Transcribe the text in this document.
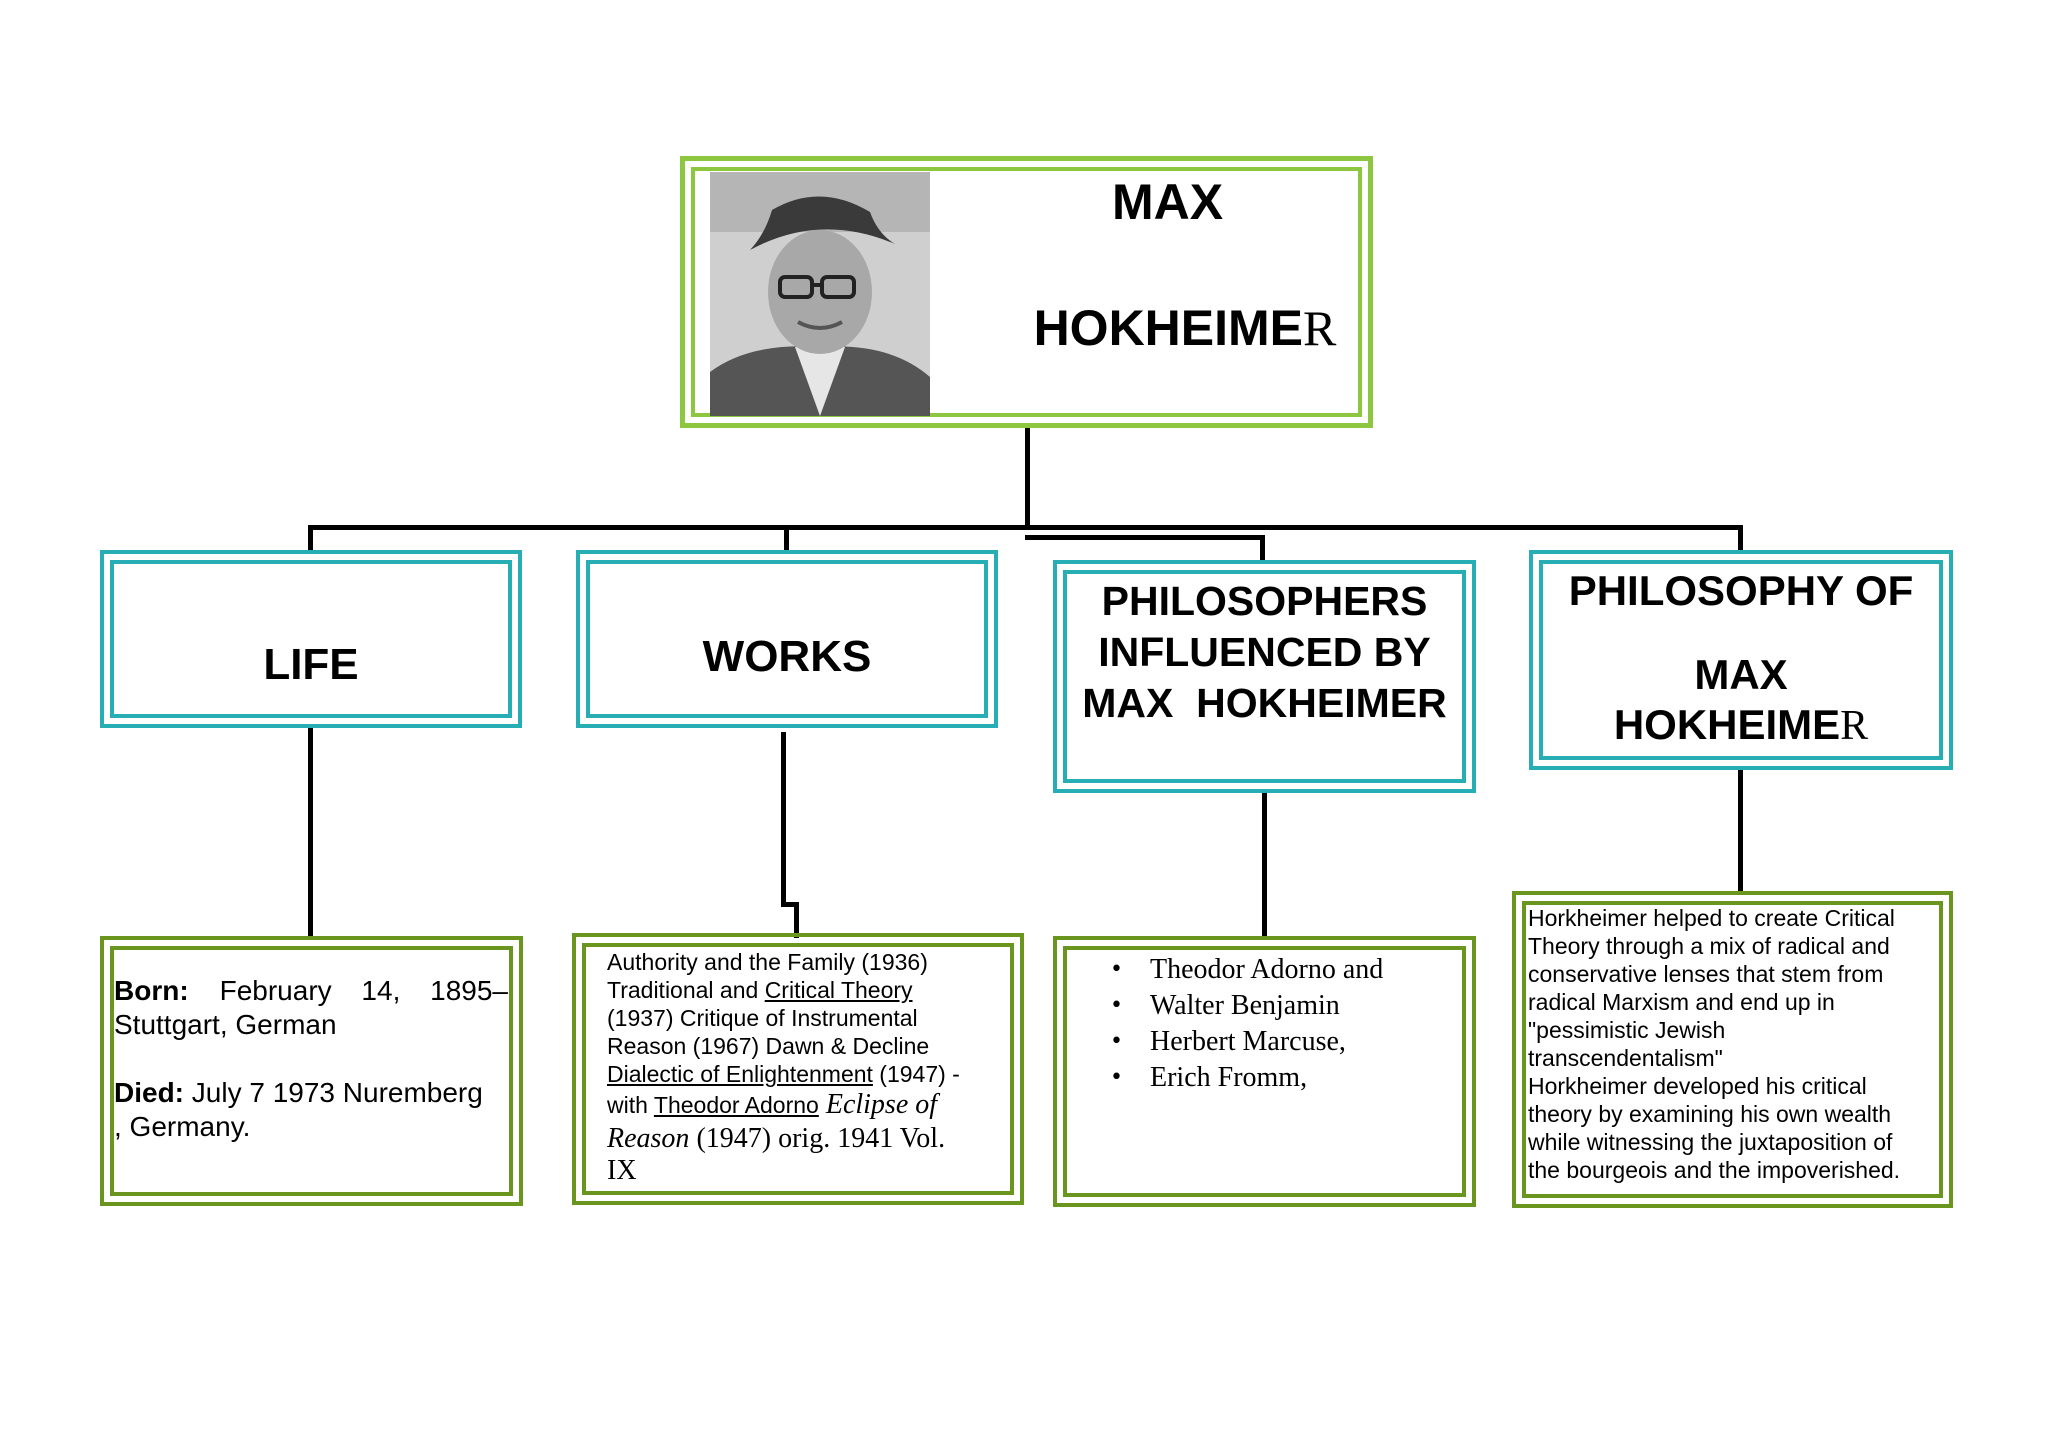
MAX
HOKHEIMER
LIFE	WORKS
PHILOSOPHERS
INFLUENCED BY
MAX  HOKHEIMER
PHILOSOPHY OF
MAX
HOKHEIMER
Born: February 14, 1895–
Stuttgart, German
Died: July 7 1973 Nuremberg
, Germany.
Authority and the Family (1936)
Traditional and Critical Theory
(1937) Critique of Instrumental
Reason (1967) Dawn & Decline
Dialectic of Enlightenment (1947) -
with Theodor Adorno Eclipse of
Reason (1947) orig. 1941 Vol.
IX
• Theodor Adorno and
• Walter Benjamin
• Herbert Marcuse,
• Erich Fromm,
Horkheimer helped to create Critical
Theory through a mix of radical and
conservative lenses that stem from
radical Marxism and end up in
"pessimistic Jewish
transcendentalism"
Horkheimer developed his critical
theory by examining his own wealth
while witnessing the juxtaposition of
the bourgeois and the impoverished.
